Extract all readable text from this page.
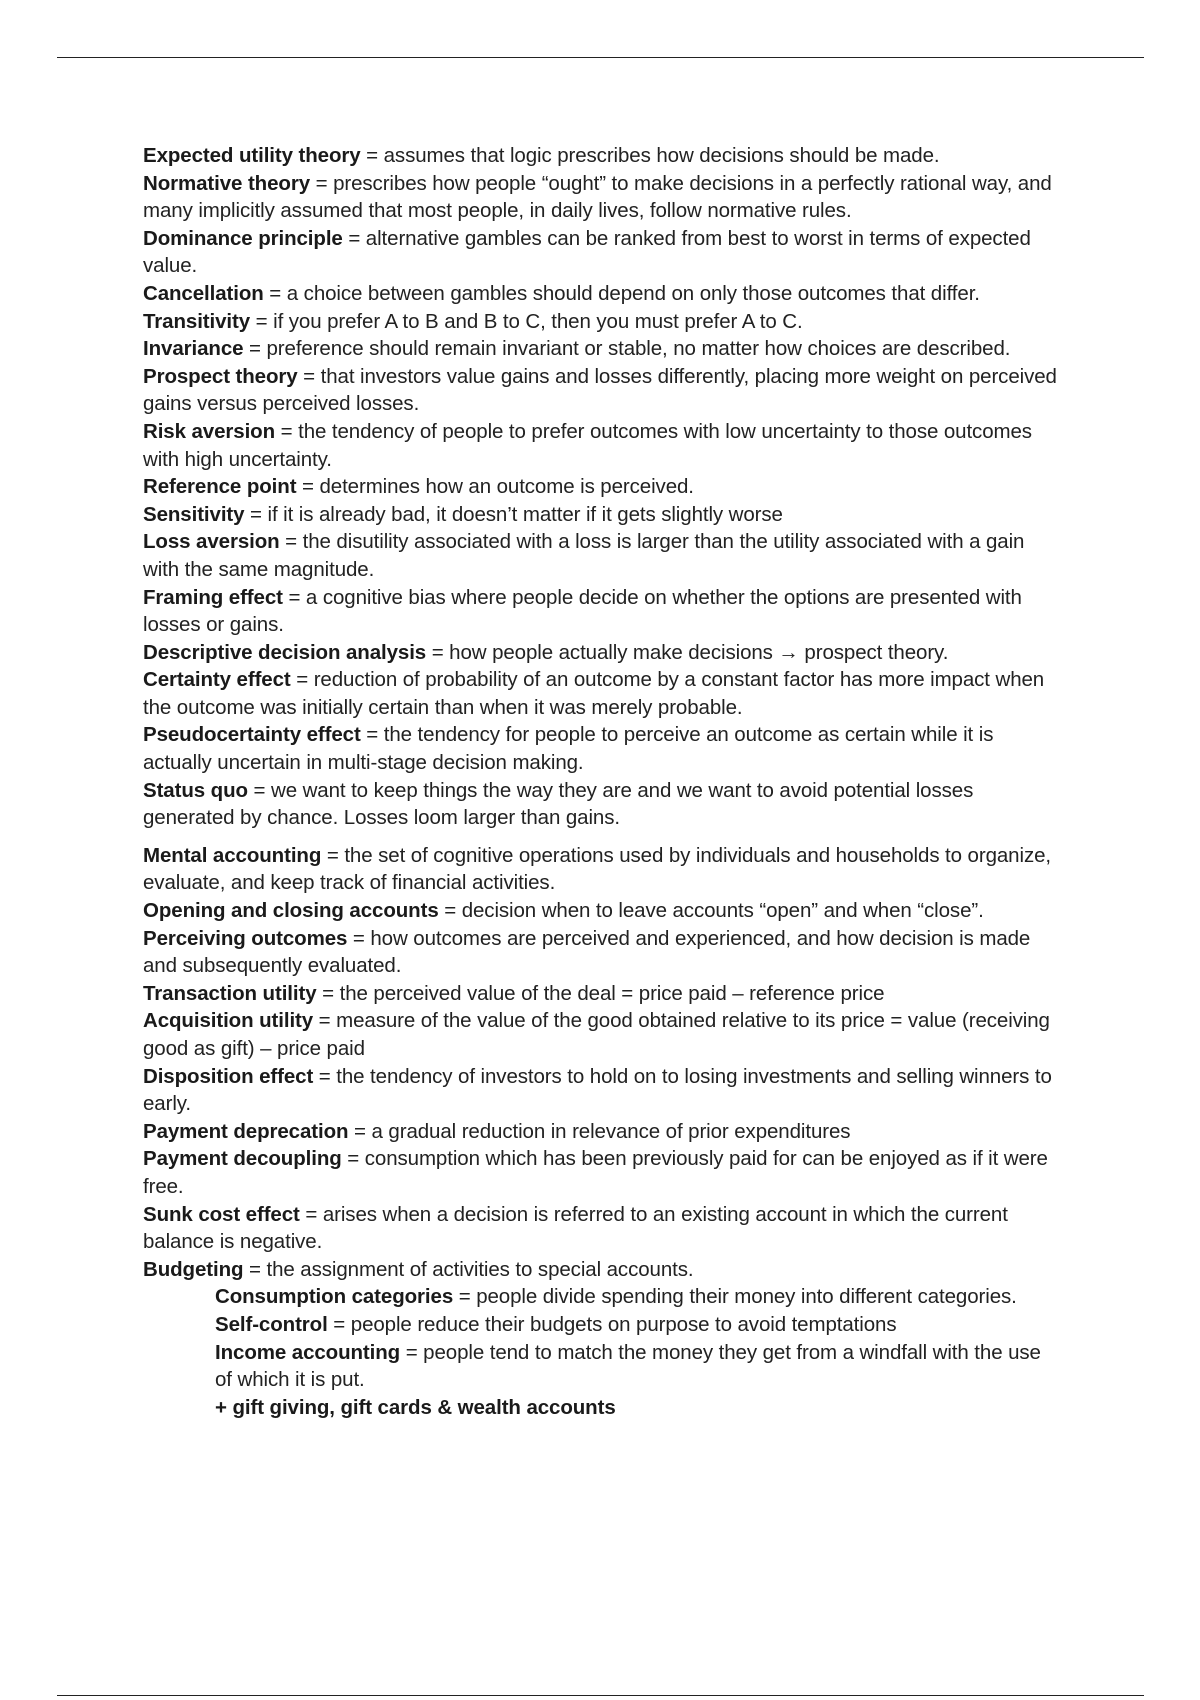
Expected utility theory = assumes that logic prescribes how decisions should be made.

Normative theory = prescribes how people “ought” to make decisions in a perfectly rational way, and many implicitly assumed that most people, in daily lives, follow normative rules.

Dominance principle = alternative gambles can be ranked from best to worst in terms of expected value.

Cancellation = a choice between gambles should depend on only those outcomes that differ.

Transitivity = if you prefer A to B and B to C, then you must prefer A to C.

Invariance = preference should remain invariant or stable, no matter how choices are described.

Prospect theory = that investors value gains and losses differently, placing more weight on perceived gains versus perceived losses.

Risk aversion = the tendency of people to prefer outcomes with low uncertainty to those outcomes with high uncertainty.

Reference point = determines how an outcome is perceived.

Sensitivity = if it is already bad, it doesn’t matter if it gets slightly worse

Loss aversion = the disutility associated with a loss is larger than the utility associated with a gain with the same magnitude.

Framing effect = a cognitive bias where people decide on whether the options are presented with losses or gains.

Descriptive decision analysis = how people actually make decisions → prospect theory.

Certainty effect = reduction of probability of an outcome by a constant factor has more impact when the outcome was initially certain than when it was merely probable.

Pseudocertainty effect = the tendency for people to perceive an outcome as certain while it is actually uncertain in multi-stage decision making.

Status quo = we want to keep things the way they are and we want to avoid potential losses generated by chance. Losses loom larger than gains.

Mental accounting = the set of cognitive operations used by individuals and households to organize, evaluate, and keep track of financial activities.

Opening and closing accounts = decision when to leave accounts “open” and when “close”.

Perceiving outcomes = how outcomes are perceived and experienced, and how decision is made and subsequently evaluated.

Transaction utility = the perceived value of the deal = price paid – reference price

Acquisition utility = measure of the value of the good obtained relative to its price = value (receiving good as gift) – price paid

Disposition effect = the tendency of investors to hold on to losing investments and selling winners to early.

Payment deprecation = a gradual reduction in relevance of prior expenditures

Payment decoupling = consumption which has been previously paid for can be enjoyed as if it were free.

Sunk cost effect = arises when a decision is referred to an existing account in which the current balance is negative.

Budgeting = the assignment of activities to special accounts.

Consumption categories = people divide spending their money into different categories.

Self-control = people reduce their budgets on purpose to avoid temptations

Income accounting = people tend to match the money they get from a windfall with the use of which it is put.

+ gift giving, gift cards & wealth accounts
